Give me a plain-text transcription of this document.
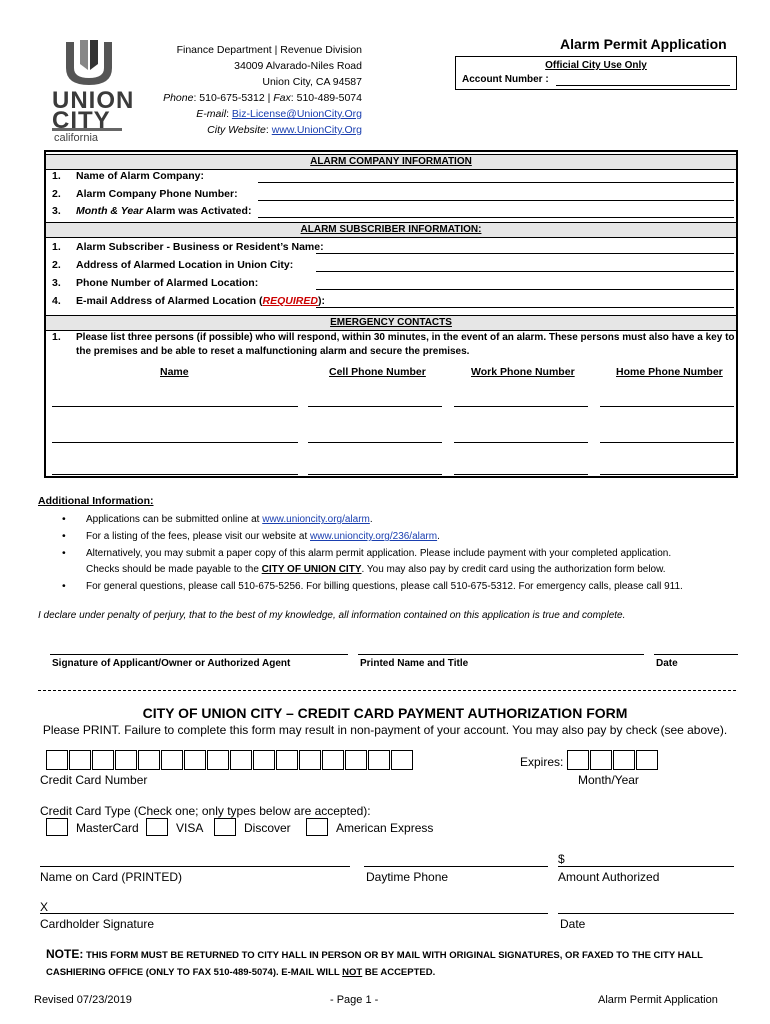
UNION
CITY
california
Finance Department | Revenue Division
34009 Alvarado-Niles Road
Union City, CA 94587
Phone: 510-675-5312 | Fax: 510-489-5074
E-mail: Biz-License@UnionCity.Org
City Website: www.UnionCity.Org
Alarm Permit Application
Official City Use Only
Account Number :
ALARM COMPANY INFORMATION
1.	Name of Alarm Company:
2.	Alarm Company Phone Number:
3.	Month & Year Alarm was Activated:
ALARM SUBSCRIBER INFORMATION:
1.	Alarm Subscriber - Business or Resident’s Name:
2.	Address of Alarmed Location in Union City:
3.	Phone Number of Alarmed Location:
4.	E-mail Address of Alarmed Location (REQUIRED):
EMERGENCY CONTACTS
1.	Please list three persons (if possible) who will respond, within 30 minutes, in the event of an alarm. These persons must also have a key to
the premises and be able to reset a malfunctioning alarm and secure the premises.
Name	Cell Phone Number	Work Phone Number	Home Phone Number
Additional Information:
• Applications can be submitted online at www.unioncity.org/alarm.
• For a listing of the fees, please visit our website at www.unioncity.org/236/alarm.
• Alternatively, you may submit a paper copy of this alarm permit application. Please include payment with your completed application.
Checks should be made payable to the CITY OF UNION CITY. You may also pay by credit card using the authorization form below.
• For general questions, please call 510-675-5256. For billing questions, please call 510-675-5312. For emergency calls, please call 911.
I declare under penalty of perjury, that to the best of my knowledge, all information contained on this application is true and complete.
Signature of Applicant/Owner or Authorized Agent	Printed Name and Title	Date
CITY OF UNION CITY – CREDIT CARD PAYMENT AUTHORIZATION FORM
Please PRINT. Failure to complete this form may result in non-payment of your account. You may also pay by check (see above).
Expires:
Credit Card Number	Month/Year
Credit Card Type (Check one; only types below are accepted):
MasterCard	VISA	Discover	American Express
$
Name on Card (PRINTED)	Daytime Phone	Amount Authorized
X
Cardholder Signature	Date
NOTE: THIS FORM MUST BE RETURNED TO CITY HALL IN PERSON OR BY MAIL WITH ORIGINAL SIGNATURES, OR FAXED TO THE CITY HALL
CASHIERING OFFICE (ONLY TO FAX 510-489-5074). E-MAIL WILL NOT BE ACCEPTED.
Revised 07/23/2019	- Page 1 -	Alarm Permit Application
